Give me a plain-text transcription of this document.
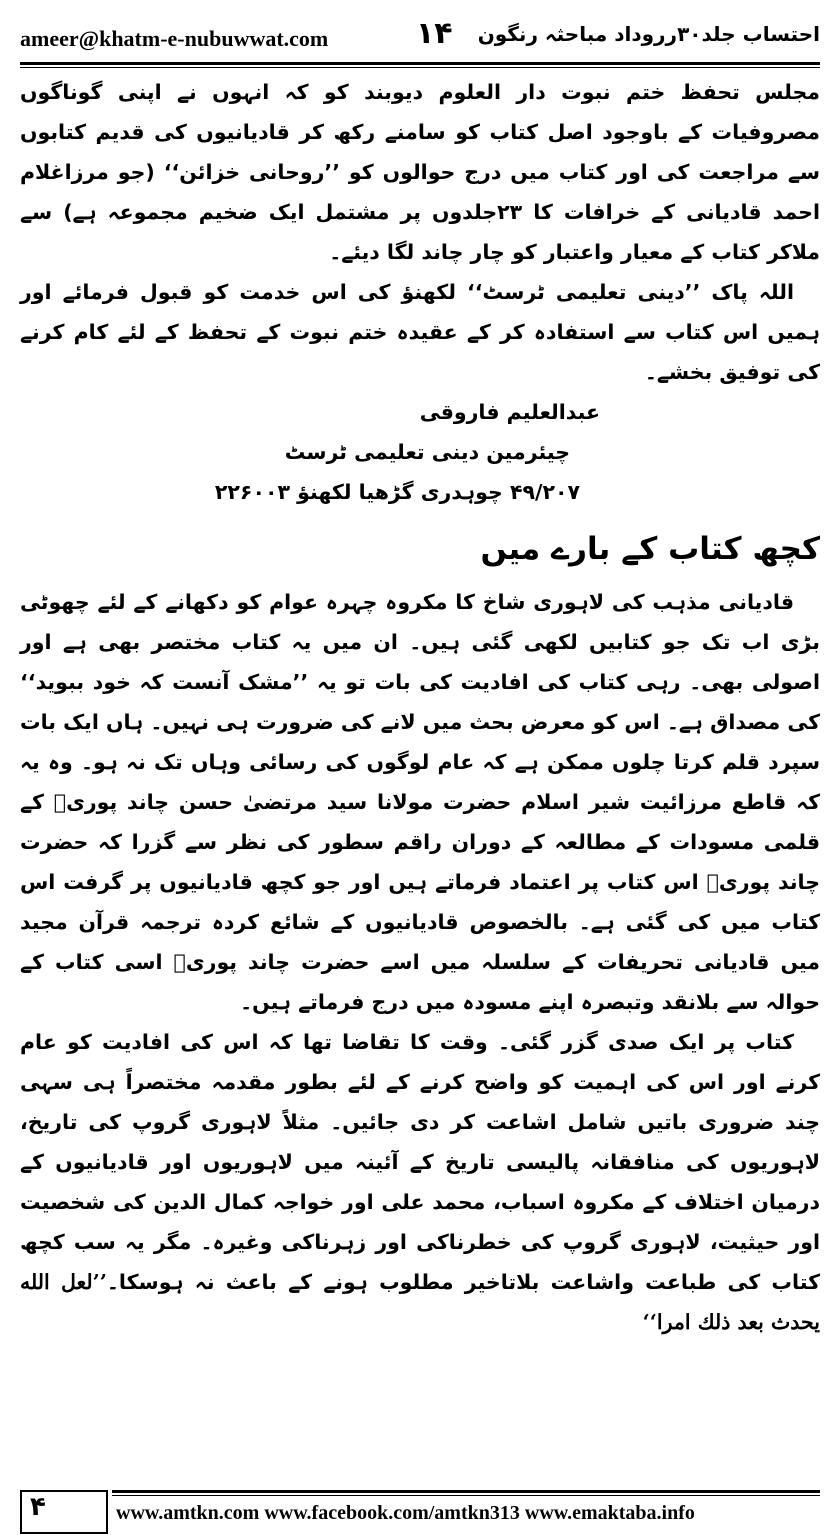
ameer@khatm-e-nubuwwat.com	۱۴ احتساب جلد۳۰رروداد مباحثہ رنگون

مجلس تحفظ ختم نبوت دار العلوم دیوبند کو کہ انہوں نے اپنی گوناگوں مصروفیات کے باوجود اصل کتاب کو سامنے رکھ کر قادیانیوں کی قدیم کتابوں سے مراجعت کی اور کتاب میں درج حوالوں کو ’’روحانی خزائن‘‘ (جو مرزاغلام احمد قادیانی کے خرافات کا ۲۳جلدوں پر مشتمل ایک ضخیم مجموعہ ہے) سے ملاکر کتاب کے معیار واعتبار کو چار چاند لگا دیئے۔

اللہ پاک ’’دینی تعلیمی ٹرسٹ‘‘ لکھنؤ کی اس خدمت کو قبول فرمائے اور ہمیں اس کتاب سے استفادہ کر کے عقیدہ ختم نبوت کے تحفظ کے لئے کام کرنے کی توفیق بخشے۔

عبدالعلیم فاروقی
چیئرمین دینی تعلیمی ٹرسٹ
۴۹/۲۰۷ چوہدری گڑھیا لکھنؤ ۲۲۶۰۰۳
کچھ کتاب کے بارے میں

قادیانی مذہب کی لاہوری شاخ کا مکروہ چہرہ عوام کو دکھانے کے لئے چھوٹی بڑی اب تک جو کتابیں لکھی گئی ہیں۔ ان میں یہ کتاب مختصر بھی ہے اور اصولی بھی۔ رہی کتاب کی افادیت کی بات تو یہ ’’مشک آنست کہ خود ببوید‘‘ کی مصداق ہے۔ اس کو معرض بحث میں لانے کی ضرورت ہی نہیں۔ ہاں ایک بات سپرد قلم کرتا چلوں ممکن ہے کہ عام لوگوں کی رسائی وہاں تک نہ ہو۔ وہ یہ کہ قاطع مرزائیت شیر اسلام حضرت مولانا سید مرتضیٰ حسن چاند پوریؒ کے قلمی مسودات کے مطالعہ کے دوران راقم سطور کی نظر سے گزرا کہ حضرت چاند پوریؒ اس کتاب پر اعتماد فرماتے ہیں اور جو کچھ قادیانیوں پر گرفت اس کتاب میں کی گئی ہے۔ بالخصوص قادیانیوں کے شائع کردہ ترجمہ قرآن مجید میں قادیانی تحریفات کے سلسلہ میں اسے حضرت چاند پوریؒ اسی کتاب کے حوالہ سے بلانقد وتبصرہ اپنے مسودہ میں درج فرماتے ہیں۔

کتاب پر ایک صدی گزر گئی۔ وقت کا تقاضا تھا کہ اس کی افادیت کو عام کرنے اور اس کی اہمیت کو واضح کرنے کے لئے بطور مقدمہ مختصراً ہی سہی چند ضروری باتیں شامل اشاعت کر دی جائیں۔ مثلاً لاہوری گروپ کی تاریخ، لاہوریوں کی منافقانہ پالیسی تاریخ کے آئینہ میں لاہوریوں اور قادیانیوں کے درمیان اختلاف کے مکروہ اسباب، محمد علی اور خواجہ کمال الدین کی شخصیت اور حیثیت، لاہوری گروپ کی خطرناکی اور زہرناکی وغیرہ۔ مگر یہ سب کچھ کتاب کی طباعت واشاعت بلاتاخیر مطلوب ہونے کے باعث نہ ہوسکا۔’’لعل الله يحدث بعد ذلك امرا‘‘

۴	www.amtkn.com www.facebook.com/amtkn313 www.emaktaba.info
